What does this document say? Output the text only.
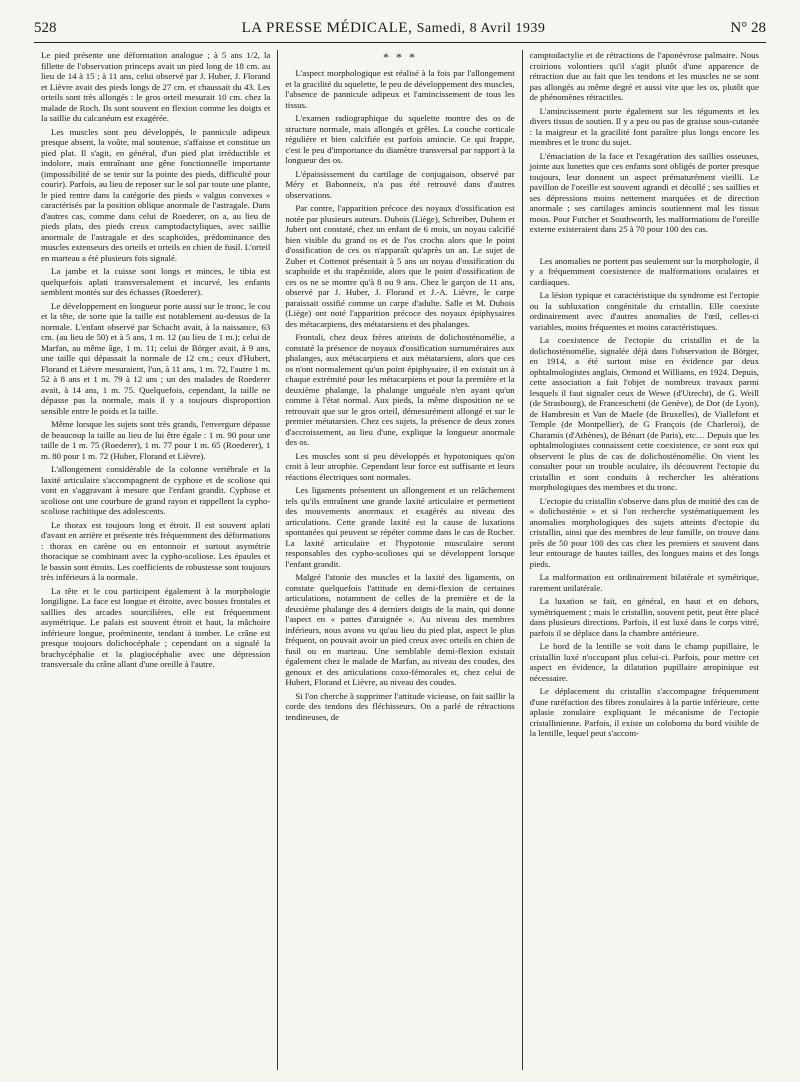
528	LA PRESSE MÉDICALE, Samedi, 8 Avril 1939	N° 28

Le pied présente une déformation analogue ; à 5 ans 1/2, la fillette de l'observation princeps avait un pied long de 18 cm. au lieu de 14 à 15 ; à 11 ans, celui observé par J. Huber, J. Florand et Lièvre avait des pieds longs de 27 cm. et chaussait du 43. Les orteils sont très allongés : le gros orteil mesurait 10 cm. chez la malade de Roch. Ils sont souvent en flexion comme les doigts et la saillie du calcanéum est exagérée.

Les muscles sont peu développés, le pannicule adipeux presque absent, la voûte, mal soutenue, s'affaisse et constitue un pied plat. Il s'agit, en général, d'un pied plat irréductible et indolore, mais entraînant une gêne fonctionnelle importante (impossibilité de se tenir sur la pointe des pieds, difficulté pour courir). Parfois, au lieu de reposer sur le sol par toute une plante, le pied rentre dans la catégorie des pieds « valgus convexes » caractérisés par la position oblique anormale de l'astragale. Dans d'autres cas, comme dans celui de Roederer, on a, au lieu de pieds plats, des pieds creux camptodactyliques, avec saillie anormale de l'astragale et des scaphoïdes, prédominance des muscles extenseurs des orteils et orteils en chien de fusil. L'orteil en marteau a été plusieurs fois signalé.

La jambe et la cuisse sont longs et minces, le tibia est quelquefois aplati transversalement et incurvé, les enfants semblent montés sur des échasses (Roederer).

Le développement en longueur porte aussi sur le tronc, le cou et la tête, de sorte que la taille est notablement au-dessus de la normale. L'enfant observé par Schacht avait, à la naissance, 63 cm. (au lieu de 50) et à 5 ans, 1 m. 12 (au lieu de 1 m.); celui de Marfan, au même âge, 1 m. 11; celui de Börger avait, à 9 ans, une taille qui dépassait la normale de 12 cm.; ceux d'Hubert, Florand et Lièvre mesuraient, l'un, à 11 ans, 1 m. 72, l'autre 1 m. 52 à 8 ans et 1 m. 79 à 12 ans ; un des malades de Roederer avait, à 14 ans, 1 m. 75. Quelquefois, cependant, la taille ne dépasse pas la normale, mais il y a toujours disproportion sensible entre le poids et la taille.

Même lorsque les sujets sont très grands, l'envergure dépasse de beaucoup la taille au lieu de lui être égale : 1 m. 90 pour une taille de 1 m. 75 (Roederer), 1 m. 77 pour 1 m. 65 (Roederer), 1 m. 80 pour 1 m. 72 (Huber, Florand et Lièvre).

L'allongement considérable de la colonne vertébrale et la laxité articulaire s'accompagnent de cyphose et de scoliose qui vont en s'aggravant à mesure que l'enfant grandit. Cyphose et scoliose ont une courbure de grand rayon et rappellent la cypho-scoliose rachitique des adolescents.

Le thorax est toujours long et étroit. Il est souvent aplati d'avant en arrière et présente très fréquemment des déformations : thorax en carène ou en entonnoir et surtout asymétrie thoracique se combinant avec la cypho-scoliose. Les épaules et le bassin sont étroits. Les coefficients de robustesse sont toujours très inférieurs à la normale.

La tête et le cou participent également à la morphologie longiligne. La face est longue et étroite, avec bosses frontales et saillies des arcades sourcilières, elle est fréquemment asymétrique. Le palais est souvent étroit et haut, la mâchoire inférieure longue, proéminente, tendant à tomber. Le crâne est presque toujours dolichocéphale ; cependant on a signalé la brachycéphalie et la plagiocéphalie avec une dépression transversale du crâne allant d'une oreille à l'autre.

* * *

L'aspect morphologique est réalisé à la fois par l'allongement et la gracilité du squelette, le peu de développement des muscles, l'absence de pannicule adipeux et l'amincissement de tous les tissus.

L'examen radiographique du squelette montre des os de structure normale, mais allongés et grêles. La couche corticale régulière et bien calcifiée est parfois amincie. Ce qui frappe, c'est le peu d'importance du diamètre transversal par rapport à la longueur des os.

L'épaississement du cartilage de conjugaison, observé par Méry et Babonneix, n'a pas été retrouvé dans d'autres observations.

Par contre, l'apparition précoce des noyaux d'ossification est notée par plusieurs auteurs. Dubois (Liège), Schreiber, Duhem et Jubert ont constaté, chez un enfant de 6 mois, un noyau calcifié bien visible du grand os et de l'os crochu alors que le point d'ossification de ces os n'apparaît qu'après un an. Le sujet de Zuber et Cottenot présentait à 5 ans un noyau d'ossification du scaphoïde et du trapézoïde, alors que le point d'ossification de ces os ne se montre qu'à 8 ou 9 ans. Chez le garçon de 11 ans, observé par J. Huber, J. Florand et J.-A. Lièvre, le carpe paraissait ossifié comme un carpe d'adulte. Salle et M. Dubois (Liège) ont noté l'apparition précoce des noyaux épiphysaires des métacarpiens, des métatarsiens et des phalanges.

Frontali, chez deux frères atteints de dolichosténomélie, a constaté la présence de noyaux d'ossification surnuméraires aux phalanges, aux métacarpiens et aux métatarsiens, alors que ces os n'ont normalement qu'un point épiphysaire, il en existait un à chaque extrémité pour les métacarpiens et pour la première et la deuxième phalange, la phalange unguéale n'en ayant qu'un comme à l'état normal. Aux pieds, la même disposition ne se retrouvait que sur le gros orteil, démesurément allongé et sur le premier métatarsien. Chez ces sujets, la présence de deux zones d'accroissement, au lieu d'une, explique la longueur anormale des os.

Les muscles sont si peu développés et hypotoniques qu'on croit à leur atrophie. Cependant leur force est suffisante et leurs réactions électriques sont normales.

Les ligaments présentent un allongement et un relâchement tels qu'ils entraînent une grande laxité articulaire et permettent des mouvements anormaux et exagérés au niveau des articulations. Cette grande laxité est la cause de luxations spontanées qui peuvent se répéter comme dans le cas de Rocher. La laxité articulaire et l'hypotonie musculaire seront responsables des cypho-scolioses qui se développent lorsque l'enfant grandit.

Malgré l'atonie des muscles et la laxité des ligaments, on constate quelquefois l'attitude en demi-flexion de certaines articulations, notamment de celles de la première et de la deuxième phalange des 4 derniers doigts de la main, qui donne l'aspect en « pattes d'araignée ». Au niveau des membres inférieurs, nous avons vu qu'au lieu du pied plat, aspect le plus fréquent, on pouvait avoir un pied creux avec orteils en chien de fusil ou en marteau. Une semblable demi-flexion existait également chez le malade de Marfan, au niveau des coudes, des genoux et des articulations coxo-fémorales et, chez celui de Hubert, Florand et Lièvre, au niveau des coudes.

Si l'on cherche à supprimer l'attitude vicieuse, on fait saillir la corde des tendons des fléchisseurs. On a parlé de rétractions tendineuses, de

camptodactylie et de rétractions de l'aponévrose palmaire. Nous croirions volontiers qu'il s'agit plutôt d'une apparence de rétraction due au fait que les tendons et les muscles ne se sont pas allongés au même degré et aussi vite que les os, plutôt que de phénomènes rétractiles.

L'amincissement porte également sur les téguments et les divers tissus de soutien. Il y a peu ou pas de graisse sous-cutanée : la maigreur et la gracilité font paraître plus longs encore les membres et le tronc du sujet.

L'émaciation de la face et l'exagération des saillies osseuses, jointe aux lunettes que ces enfants sont obligés de porter presque toujours, leur donnent un aspect prématurément vieilli. Le pavillon de l'oreille est souvent agrandi et décollé ; ses saillies et ses dépressions moins nettement marquées et de direction anormale ; ses cartilages amincis soutiennent mal les tissus mous. Pour Futcher et Southworth, les malformations de l'oreille externe existeraient dans 25 à 70 pour 100 des cas.

Les anomalies ne portent pas seulement sur la morphologie, il y a fréquemment coexistence de malformations oculaires et cardiaques.

La lésion typique et caractéristique du syndrome est l'ectopie ou la subluxation congénitale du cristallin. Elle coexiste ordinairement avec d'autres anomalies de l'œil, celles-ci variables, moins fréquentes et moins caractéristiques.

La coexistence de l'ectopie du cristallin et de la dolichosténomélie, signalée déjà dans l'observation de Börger, en 1914, a été surtout mise en évidence par deux ophtalmologistes anglais, Ormond et Williams, en 1924. Depuis, cette association a fait l'objet de nombreux travaux parmi lesquels il faut signaler ceux de Wewe (d'Utrecht), de G. Weill (de Strasbourg), de Franceschetti (de Genève), de Dor (de Lyon), de Hambresin et Van de Maele (de Bruxelles), de Viallefont et Temple (de Montpellier), de G François (de Charleroi), de Charamis (d'Athènes), de Bénart (de Paris), etc… Depuis que les ophtalmologistes connaissent cette coexistence, ce sont eux qui observent le plus de cas de dolichosténomélie. On vient les consulter pour un trouble oculaire, ils découvrent l'ectopie du cristallin et sont conduits à rechercher les altérations morphologiques des membres et du tronc.

L'ectopie du cristallin s'observe dans plus de moitié des cas de « dolichosténie » et si l'on recherche systématiquement les anomalies morphologiques des sujets atteints d'ectopie du cristallin, ainsi que des membres de leur famille, on trouve dans près de 50 pour 100 des cas chez les premiers et souvent dans leur entourage de hautes tailles, des longues mains et des longs pieds.

La malformation est ordinairement bilatérale et symétrique, rarement unilatérale.

La luxation se fait, en général, en haut et en dehors, symétriquement ; mais le cristallin, souvent petit, peut être placé dans plusieurs directions. Parfois, il est luxé dans le corps vitré, parfois il se déplace dans la chambre antérieure.

Le bord de la lentille se voit dans le champ pupillaire, le cristallin luxé n'occupant plus celui-ci. Parfois, pour mettre cet aspect en évidence, la dilatation pupillaire atropinique est nécessaire.

Le déplacement du cristallin s'accompagne fréquemment d'une raréfaction des fibres zonulaires à la partie inférieure, cette aplasie zonulaire expliquant le mécanisme de l'ectopie cristallinienne. Parfois, il existe un coloboma du bord visible de la lentille, lequel peut s'accom-
